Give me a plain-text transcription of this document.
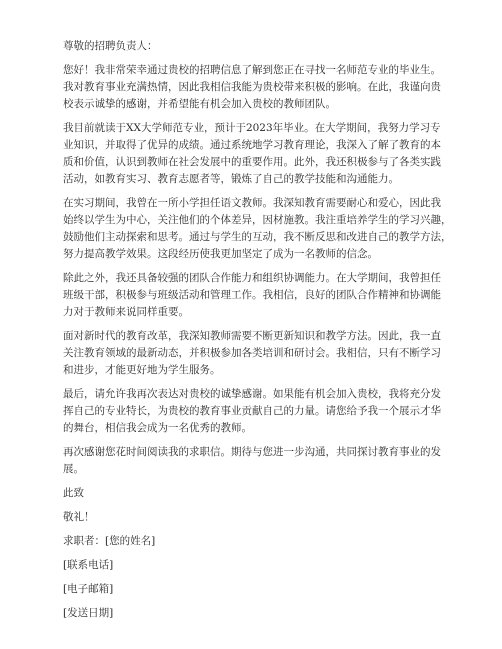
尊敬的招聘负责人：
您好！我非常荣幸通过贵校的招聘信息了解到您正在寻找一名师范专业的毕业生。
我对教育事业充满热情，因此我相信我能为贵校带来积极的影响。在此，我谨向贵
校表示诚挚的感谢，并希望能有机会加入贵校的教师团队。
我目前就读于XX大学师范专业，预计于2023年毕业。在大学期间，我努力学习专
业知识，并取得了优异的成绩。通过系统地学习教育理论，我深入了解了教育的本
质和价值，认识到教师在社会发展中的重要作用。此外，我还积极参与了各类实践
活动，如教育实习、教育志愿者等，锻炼了自己的教学技能和沟通能力。
在实习期间，我曾在一所小学担任语文教师。我深知教育需要耐心和爱心，因此我
始终以学生为中心，关注他们的个体差异，因材施教。我注重培养学生的学习兴趣，
鼓励他们主动探索和思考。通过与学生的互动，我不断反思和改进自己的教学方法，
努力提高教学效果。这段经历使我更加坚定了成为一名教师的信念。
除此之外，我还具备较强的团队合作能力和组织协调能力。在大学期间，我曾担任
班级干部，积极参与班级活动和管理工作。我相信，良好的团队合作精神和协调能
力对于教师来说同样重要。
面对新时代的教育改革，我深知教师需要不断更新知识和教学方法。因此，我一直
关注教育领域的最新动态，并积极参加各类培训和研讨会。我相信，只有不断学习
和进步，才能更好地为学生服务。
最后，请允许我再次表达对贵校的诚挚感谢。如果能有机会加入贵校，我将充分发
挥自己的专业特长，为贵校的教育事业贡献自己的力量。请您给予我一个展示才华
的舞台，相信我会成为一名优秀的教师。
再次感谢您花时间阅读我的求职信。期待与您进一步沟通，共同探讨教育事业的发
展。
此致
敬礼！
求职者：[您的姓名]
[联系电话]
[电子邮箱]
[发送日期]
